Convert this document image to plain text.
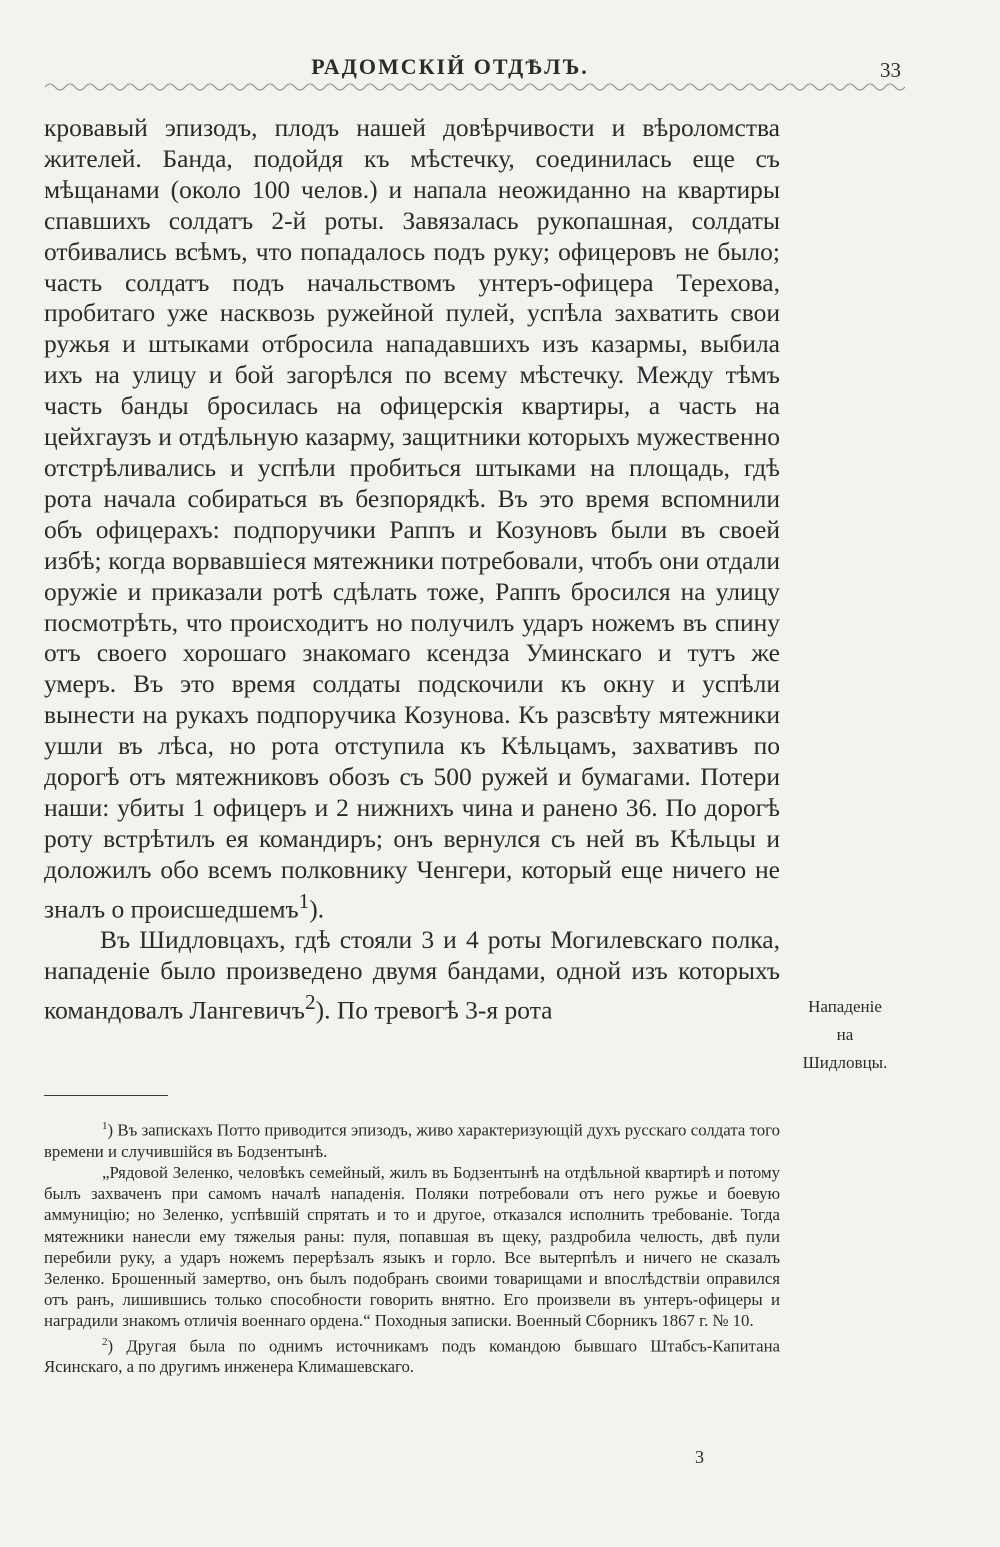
РАДОМСКІЙ ОТДѢЛЪ.	33

кровавый эпизодъ, плодъ нашей довѣрчивости и вѣроломства жителей. Банда, подойдя къ мѣстечку, соединилась еще съ мѣщанами (около 100 челов.) и напала неожиданно на квартиры спавшихъ солдатъ 2-й роты. Завязалась рукопашная, солдаты отбивались всѣмъ, что попадалось подъ руку; офицеровъ не было; часть солдатъ подъ начальствомъ унтеръ-офицера Терехова, пробитаго уже насквозь ружейной пулей, успѣла захватить свои ружья и штыками отбросила нападавшихъ изъ казармы, выбила ихъ на улицу и бой загорѣлся по всему мѣстечку. Между тѣмъ часть банды бросилась на офицерскія квартиры, а часть на цейхгаузъ и отдѣльную казарму, защитники которыхъ мужественно отстрѣливались и успѣли пробиться штыками на площадь, гдѣ рота начала собираться въ безпорядкѣ. Въ это время вспомнили объ офицерахъ: подпоручики Раппъ и Козуновъ были въ своей избѣ; когда ворвавшіеся мятежники потребовали, чтобъ они отдали оружіе и приказали ротѣ сдѣлать тоже, Раппъ бросился на улицу посмотрѣть, что происходитъ но получилъ ударъ ножемъ въ спину отъ своего хорошаго знакомаго ксендза Уминскаго и тутъ же умеръ. Въ это время солдаты подскочили къ окну и успѣли вынести на рукахъ подпоручика Козунова. Къ разсвѣту мятежники ушли въ лѣса, но рота отступила къ Кѣльцамъ, захвативъ по дорогѣ отъ мятежниковъ обозъ съ 500 ружей и бумагами. Потери наши: убиты 1 офицеръ и 2 нижнихъ чина и ранено 36. По дорогѣ роту встрѣтилъ ея командиръ; онъ вернулся съ ней въ Кѣльцы и доложилъ обо всемъ полковнику Ченгери, который еще ничего не зналъ о происшедшемъ$^1$).

Въ Шидловцахъ, гдѣ стояли 3 и 4 роты Могилевскаго полка, нападеніе было произведено двумя бандами, одной изъ которыхъ командовалъ Лангевичъ$^2$). По тревогѣ 3-я рота	Нападеніе
на
Шидловцы.

$^1$) Въ запискахъ Потто приводится эпизодъ, живо характеризующій духъ русскаго солдата того времени и случившійся въ Бодзентынѣ.

„Рядовой Зеленко, человѣкъ семейный, жилъ въ Бодзентынѣ на отдѣльной квартирѣ и потому былъ захваченъ при самомъ началѣ нападенія. Поляки потребовали отъ него ружье и боевую аммуницію; но Зеленко, успѣвшій спрятать и то и другое, отказался исполнить требованіе. Тогда мятежники нанесли ему тяжелыя раны: пуля, попавшая въ щеку, раздробила челюсть, двѣ пули перебили руку, а ударъ ножемъ перерѣзалъ языкъ и горло. Все вытерпѣлъ и ничего не сказалъ Зеленко. Брошенный замертво, онъ былъ подобранъ своими товарищами и впослѣдствіи оправился отъ ранъ, лишившись только способности говорить внятно. Его произвели въ унтеръ-офицеры и наградили знакомъ отличія военнаго ордена.“ Походныя записки. Военный Сборникъ 1867 г. № 10.

$^2$) Другая была по однимъ источникамъ подъ командою бывшаго Штабсъ-Капитана Ясинскаго, а по другимъ инженера Климашевскаго.

3
